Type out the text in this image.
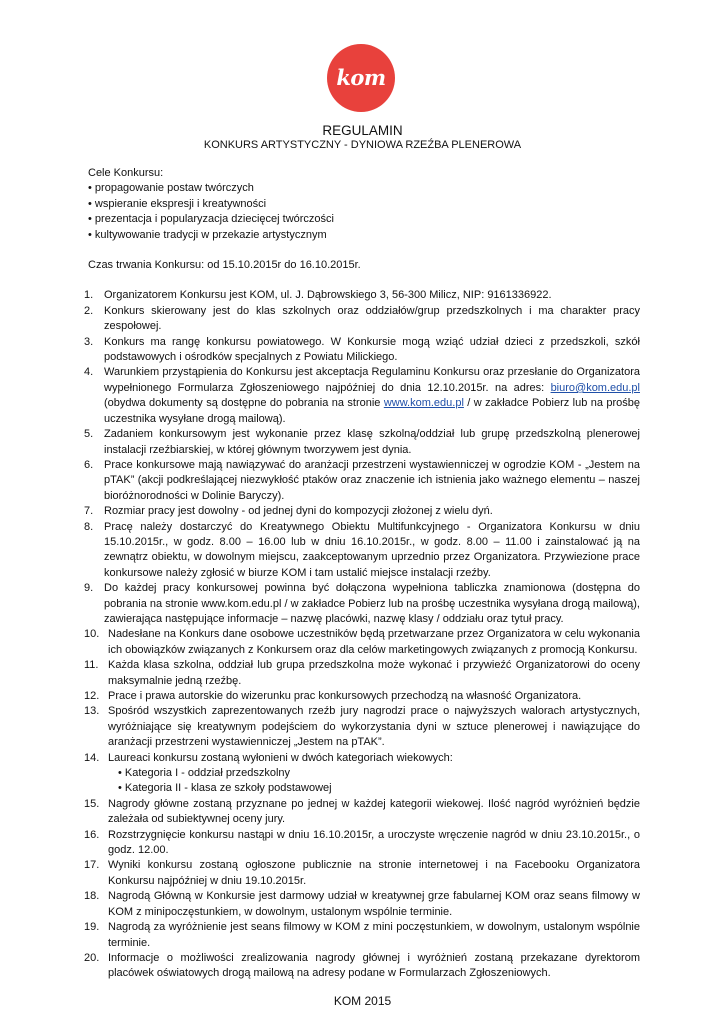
kom
REGULAMIN
KONKURS ARTYSTYCZNY - DYNIOWA RZEŹBA PLENEROWA

Cele Konkursu:

• propagowanie postaw twórczych
• wspieranie ekspresji i kreatywności
• prezentacja i popularyzacja dziecięcej twórczości
• kultywowanie tradycji w przekazie artystycznym

Czas trwania Konkursu: od 15.10.2015r do 16.10.2015r.

1. Organizatorem Konkursu jest KOM, ul. J. Dąbrowskiego 3, 56-300 Milicz, NIP: 9161336922.
2. Konkurs skierowany jest do klas szkolnych oraz oddziałów/grup przedszkolnych i ma charakter pracy zespołowej.
3. Konkurs ma rangę konkursu powiatowego. W Konkursie mogą wziąć udział dzieci z przedszkoli, szkół podstawowych i ośrodków specjalnych z Powiatu Milickiego.
4. Warunkiem przystąpienia do Konkursu jest akceptacja Regulaminu Konkursu oraz przesłanie do Organizatora wypełnionego Formularza Zgłoszeniowego najpóźniej do dnia 12.10.2015r. na adres: biuro@kom.edu.pl (obydwa dokumenty są dostępne do pobrania na stronie www.kom.edu.pl / w zakładce Pobierz lub na prośbę uczestnika wysyłane drogą mailową).
5. Zadaniem konkursowym jest wykonanie przez klasę szkolną/oddział lub grupę przedszkolną plenerowej instalacji rzeźbiarskiej, w której głównym tworzywem jest dynia.
6. Prace konkursowe mają nawiązywać do aranżacji przestrzeni wystawienniczej w ogrodzie KOM - „Jestem na pTAK” (akcji podkreślającej niezwykłość ptaków oraz znaczenie ich istnienia jako ważnego elementu – naszej bioróżnorodności w Dolinie Baryczy).
7. Rozmiar pracy jest dowolny - od jednej dyni do kompozycji złożonej z wielu dyń.
8. Pracę należy dostarczyć do Kreatywnego Obiektu Multifunkcyjnego - Organizatora Konkursu w dniu 15.10.2015r., w godz. 8.00 – 16.00 lub w dniu 16.10.2015r., w godz. 8.00 – 11.00 i zainstalować ją na zewnątrz obiektu, w dowolnym miejscu, zaakceptowanym uprzednio przez Organizatora. Przywiezione prace konkursowe należy zgłosić w biurze KOM i tam ustalić miejsce instalacji rzeźby.
9. Do każdej pracy konkursowej powinna być dołączona wypełniona tabliczka znamionowa (dostępna do pobrania na stronie www.kom.edu.pl / w zakładce Pobierz lub na prośbę uczestnika wysyłana drogą mailową), zawierająca następujące informacje – nazwę placówki, nazwę klasy / oddziału oraz tytuł pracy.
10. Nadesłane na Konkurs dane osobowe uczestników będą przetwarzane przez Organizatora w celu wykonania ich obowiązków związanych z Konkursem oraz dla celów marketingowych związanych z promocją Konkursu.
11. Każda klasa szkolna, oddział lub grupa przedszkolna może wykonać i przywieźć Organizatorowi do oceny maksymalnie jedną rzeźbę.
12. Prace i prawa autorskie do wizerunku prac konkursowych przechodzą na własność Organizatora.
13. Spośród wszystkich zaprezentowanych rzeźb jury nagrodzi prace o najwyższych walorach artystycznych, wyróżniające się kreatywnym podejściem do wykorzystania dyni w sztuce plenerowej i nawiązujące do aranżacji przestrzeni wystawienniczej „Jestem na pTAK”.
14. Laureaci konkursu zostaną wyłonieni w dwóch kategoriach wiekowych:
• Kategoria I - oddział przedszkolny
• Kategoria II - klasa ze szkoły podstawowej
15. Nagrody główne zostaną przyznane po jednej w każdej kategorii wiekowej. Ilość nagród wyróżnień będzie zależała od subiektywnej oceny jury.
16. Rozstrzygnięcie konkursu nastąpi w dniu 16.10.2015r, a uroczyste wręczenie nagród w dniu 23.10.2015r., o godz. 12.00.
17. Wyniki konkursu zostaną ogłoszone publicznie na stronie internetowej i na Facebooku Organizatora Konkursu najpóźniej w dniu 19.10.2015r.
18. Nagrodą Główną w Konkursie jest darmowy udział w kreatywnej grze fabularnej KOM oraz seans filmowy w KOM z minipoczęstunkiem, w dowolnym, ustalonym wspólnie terminie.
19. Nagrodą za wyróżnienie jest seans filmowy w KOM z mini poczęstunkiem, w dowolnym, ustalonym wspólnie terminie.
20. Informacje o możliwości zrealizowania nagrody głównej i wyróżnień zostaną przekazane dyrektorom placówek oświatowych drogą mailową na adresy podane w Formularzach Zgłoszeniowych.
KOM 2015
